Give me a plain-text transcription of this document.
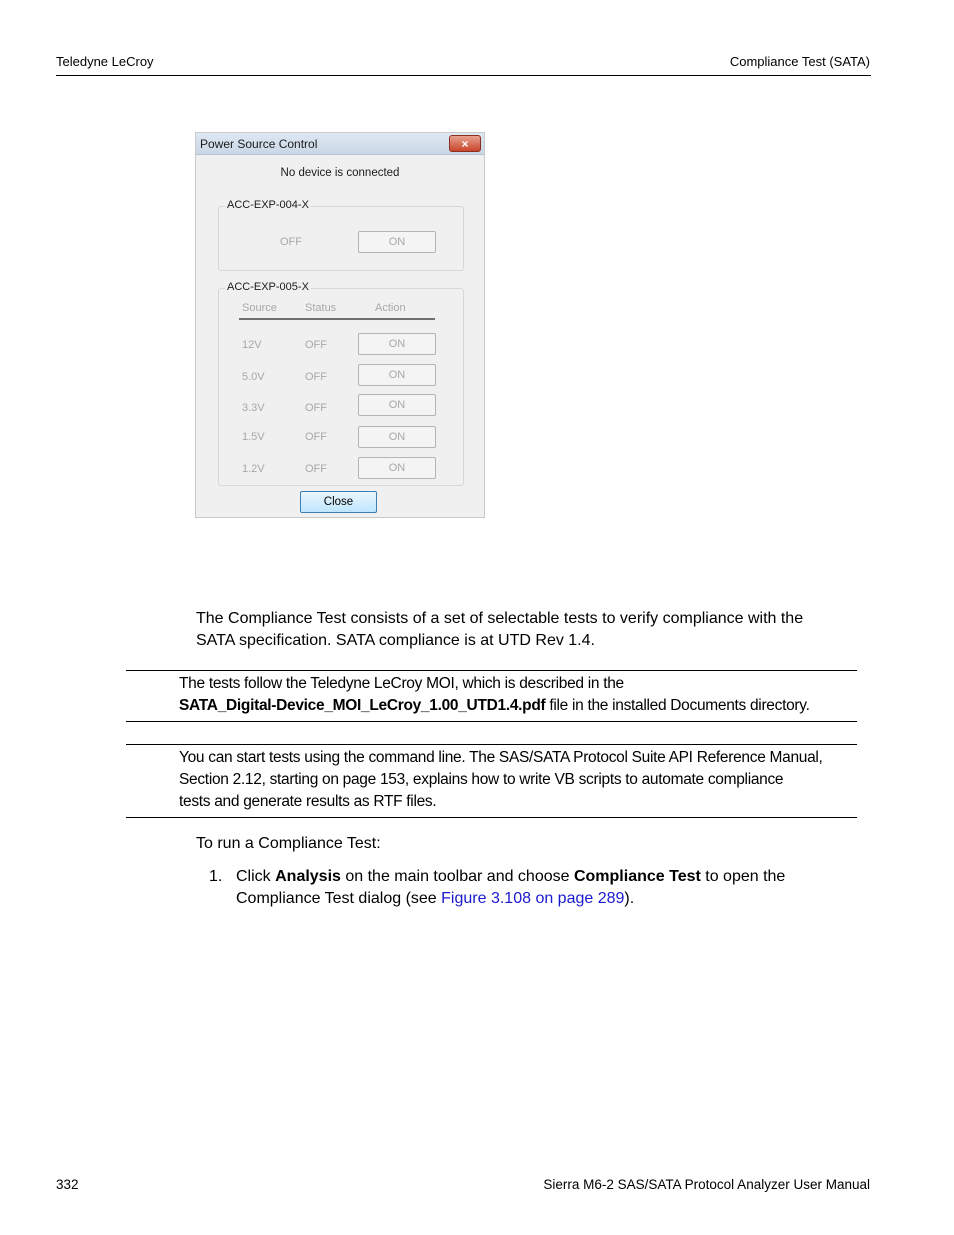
Teledyne LeCroy	Compliance Test (SATA)
Power Source Control	×
No device is connected
ACC-EXP-004-X
OFF	ON
ACC-EXP-005-X
Source	Status	Action
12V	OFF	ON
5.0V	OFF	ON
3.3V	OFF	ON
1.5V	OFF	ON
1.2V	OFF	ON
Close
The Compliance Test consists of a set of selectable tests to verify compliance with the
SATA specification. SATA compliance is at UTD Rev 1.4.
The tests follow the Teledyne LeCroy MOI, which is described in the
SATA_Digital-Device_MOI_LeCroy_1.00_UTD1.4.pdf file in the installed Documents directory.
You can start tests using the command line. The SAS/SATA Protocol Suite API Reference Manual,
Section 2.12, starting on page 153, explains how to write VB scripts to automate compliance
tests and generate results as RTF files.
To run a Compliance Test:
1. Click Analysis on the main toolbar and choose Compliance Test to open the
Compliance Test dialog (see Figure 3.108 on page 289).
332	Sierra M6-2 SAS/SATA Protocol Analyzer User Manual
